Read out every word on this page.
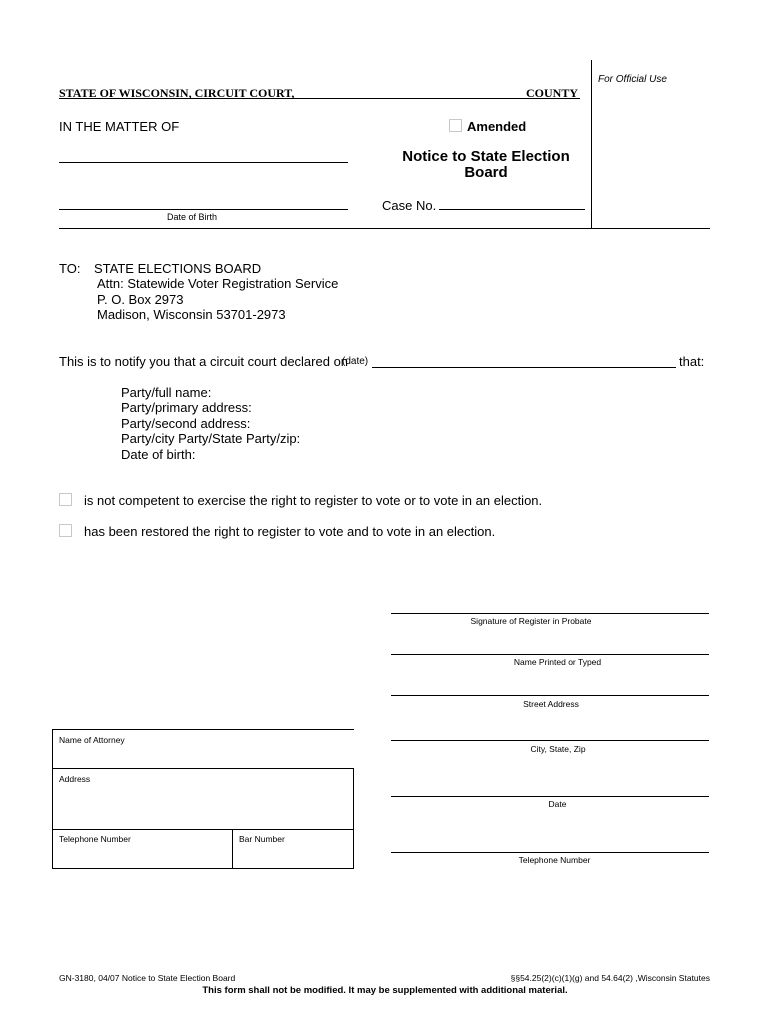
STATE OF WISCONSIN, CIRCUIT COURT,	COUNTY
For Official Use
IN THE MATTER OF	Amended
Date of Birth
Notice to State Election
Board
Case No.
TO: STATE ELECTIONS BOARD
Attn: Statewide Voter Registration Service
P. O. Box 2973
Madison, Wisconsin 53701-2973
This is to notify you that a circuit court declared on
(date)	that:
Party/full name:
Party/primary address:
Party/second address:
Party/city Party/State Party/zip:
Date of birth:
is not competent to exercise the right to register to vote or to vote in an election.
has been restored the right to register to vote and to vote in an election.
Signature of Register in Probate
Name Printed or Typed
Street Address
City, State, Zip
Date
Telephone Number
Name of Attorney
Address
Telephone Number	Bar Number
GN-3180, 04/07 Notice to State Election Board	§§54.25(2)(c)(1)(g) and 54.64(2) ,Wisconsin Statutes
This form shall not be modified. It may be supplemented with additional material.
